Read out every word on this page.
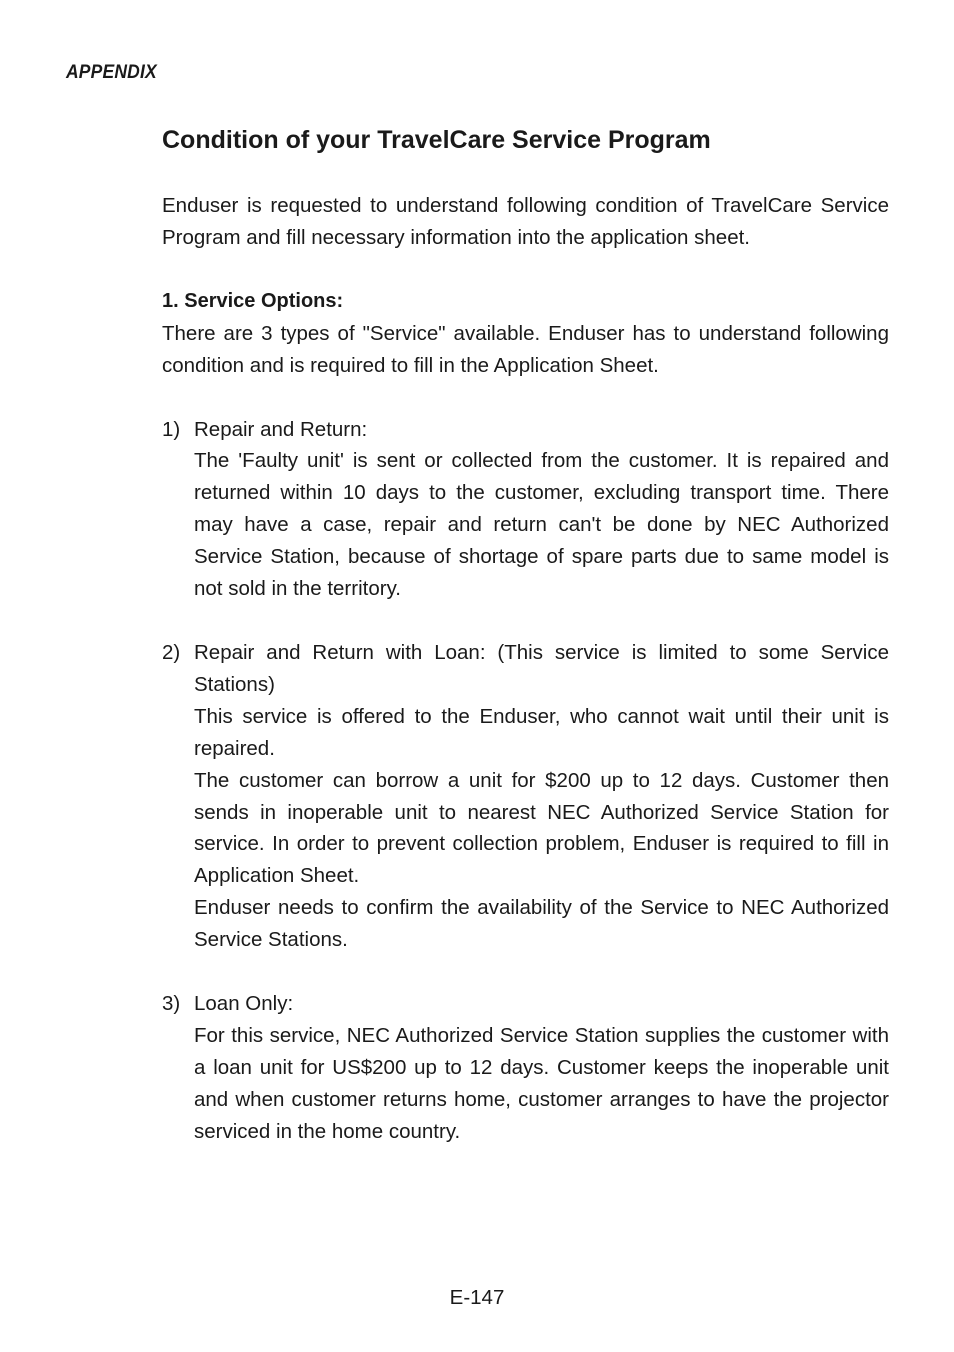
APPENDIX
Condition of your TravelCare Service Program

Enduser is requested to understand following condition of TravelCare Service Program and fill necessary information into the application sheet.

1. Service Options:

There are 3 types of "Service" available. Enduser has to understand following condition and is required to fill in the Application Sheet.

1) Repair and Return:

The 'Faulty unit' is sent or collected from the customer. It is repaired and returned within 10 days to the customer, excluding transport time. There may have a case, repair and return can't be done by NEC Authorized Service Station, because of shortage of spare parts due to same model is not sold in the territory.

2) Repair and Return with Loan: (This service is limited to some Service Stations)

This service is offered to the Enduser, who cannot wait until their unit is repaired.

The customer can borrow a unit for $200 up to 12 days. Customer then sends in inoperable unit to nearest NEC Authorized Service Station for service. In order to prevent collection problem, Enduser is required to fill in Application Sheet.

Enduser needs to confirm the availability of the Service to NEC Authorized Service Stations.

3) Loan Only:

For this service, NEC Authorized Service Station supplies the customer with a loan unit for US$200 up to 12 days. Customer keeps the inoperable unit and when customer returns home, customer arranges to have the projector serviced in the home country.

E-147
